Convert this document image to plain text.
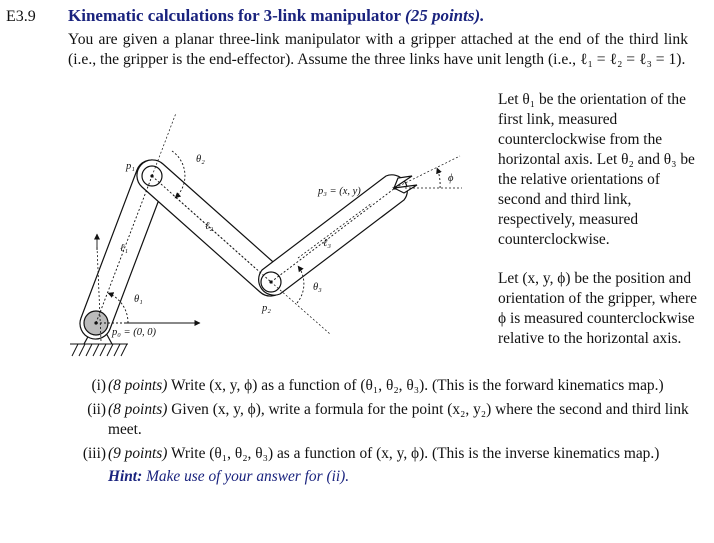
E3.9 Kinematic calculations for 3-link manipulator (25 points).
You are given a planar three-link manipulator with a gripper attached at the end of the third link (i.e., the gripper is the end-effector). Assume the three links have unit length (i.e., ℓ₁ = ℓ₂ = ℓ₃ = 1).
Let θ₁ be the orientation of the first link, measured counterclockwise from the horizontal axis. Let θ₂ and θ₃ be the relative orientations of second and third link, respectively, measured counterclockwise.
Let (x, y, ϕ) be the position and orientation of the gripper, where ϕ is measured counterclockwise relative to the horizontal axis.
p₁
p₂
p₃ = (x, y)
p₀ = (0, 0)
ℓ₁
ℓ₂
ℓ₃
θ₁
θ₂
θ₃
ϕ
(i) (8 points) Write (x, y, ϕ) as a function of (θ₁, θ₂, θ₃). (This is the forward kinematics map.)
(ii) (8 points) Given (x, y, ϕ), write a formula for the point (x₂, y₂) where the second and third link meet.
(iii) (9 points) Write (θ₁, θ₂, θ₃) as a function of (x, y, ϕ). (This is the inverse kinematics map.)
Hint: Make use of your answer for (ii).
